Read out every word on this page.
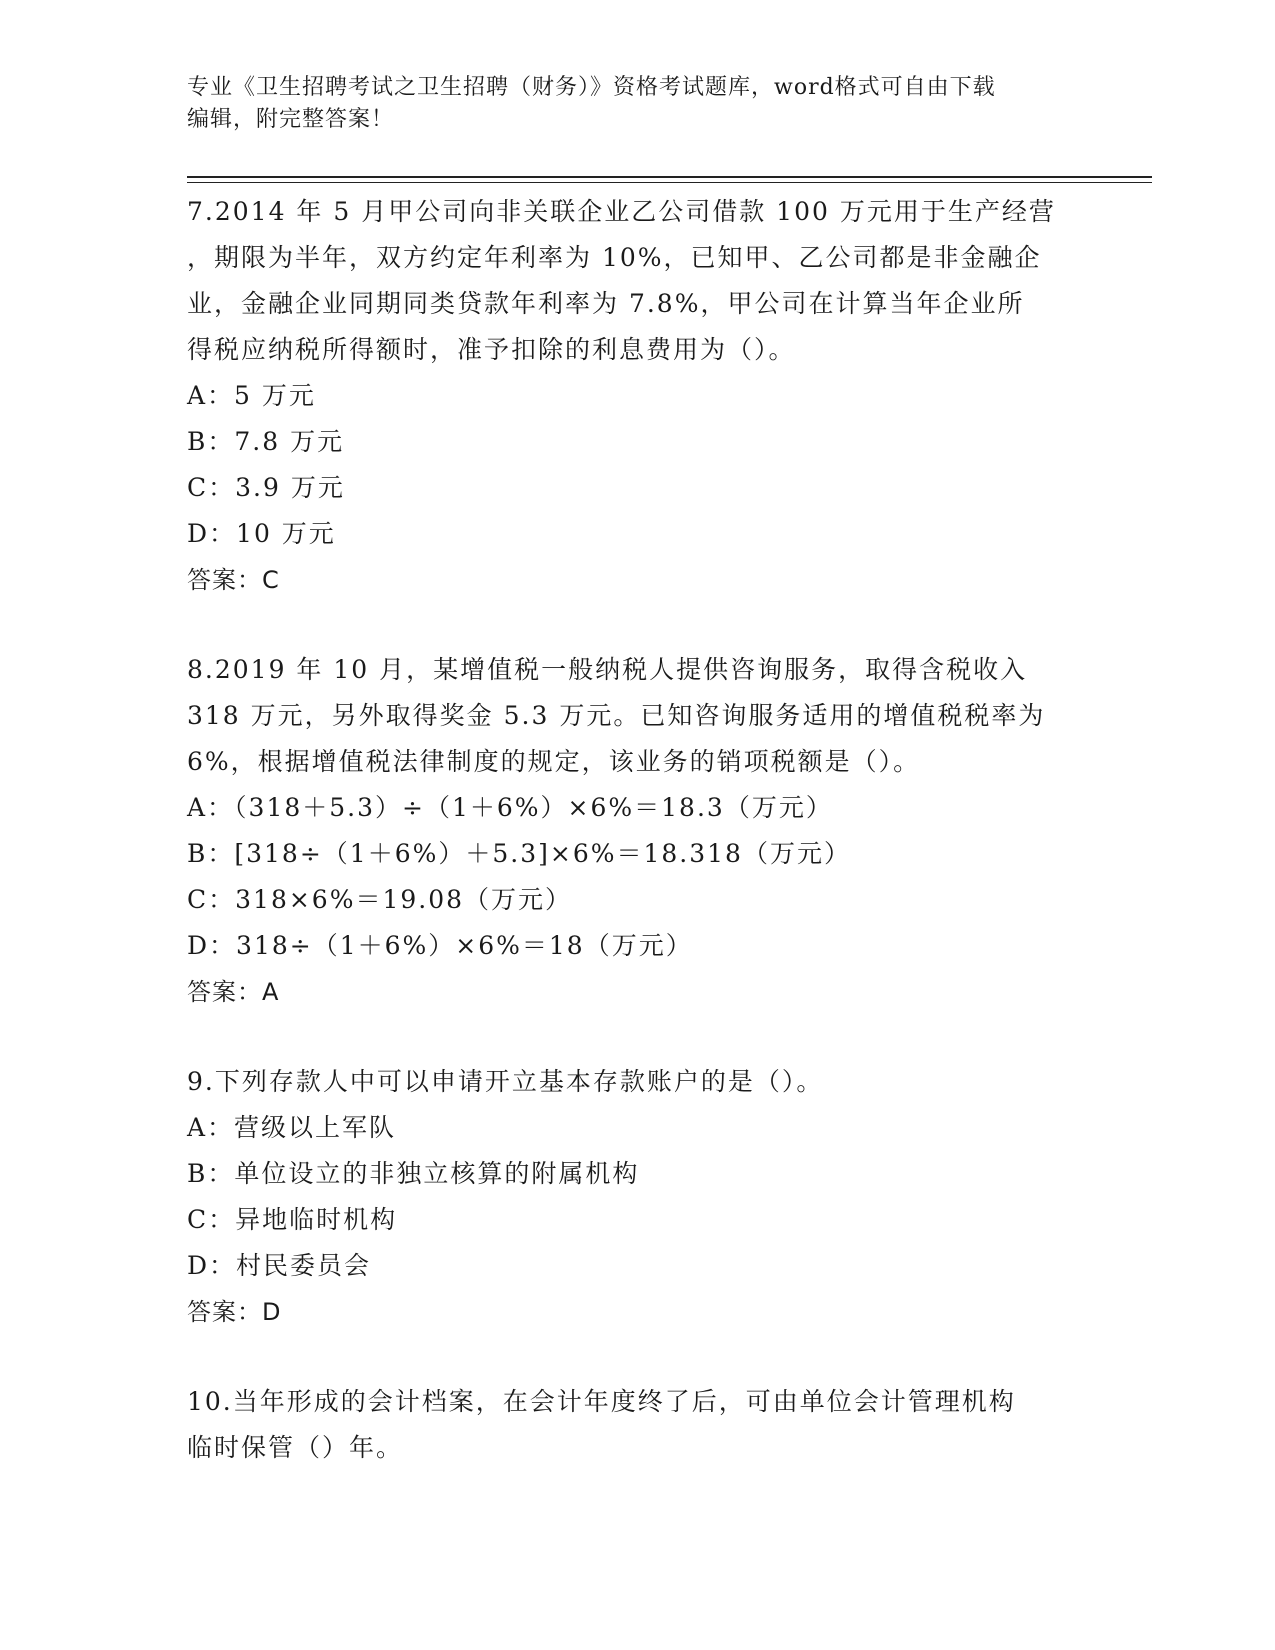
专业《卫生招聘考试之卫生招聘（财务）》资格考试题库，word格式可自由下载
编辑，附完整答案！
7.2014 年 5 月甲公司向非关联企业乙公司借款 100 万元用于生产经营
，期限为半年，双方约定年利率为 10%，已知甲、乙公司都是非金融企
业，金融企业同期同类贷款年利率为 7.8%，甲公司在计算当年企业所
得税应纳税所得额时，准予扣除的利息费用为（）。
A：5 万元
B：7.8 万元
C：3.9 万元
D：10 万元
答案：C
8.2019 年 10 月，某增值税一般纳税人提供咨询服务，取得含税收入
318 万元，另外取得奖金 5.3 万元。已知咨询服务适用的增值税税率为
6%，根据增值税法律制度的规定，该业务的销项税额是（）。
A：（318＋5.3）÷（1＋6%）×6%＝18.3（万元）
B：[318÷（1＋6%）＋5.3]×6%＝18.318（万元）
C：318×6%＝19.08（万元）
D：318÷（1＋6%）×6%＝18（万元）
答案：A
9.下列存款人中可以申请开立基本存款账户的是（）。
A：营级以上军队
B：单位设立的非独立核算的附属机构
C：异地临时机构
D：村民委员会
答案：D
10.当年形成的会计档案，在会计年度终了后，可由单位会计管理机构
临时保管（）年。
